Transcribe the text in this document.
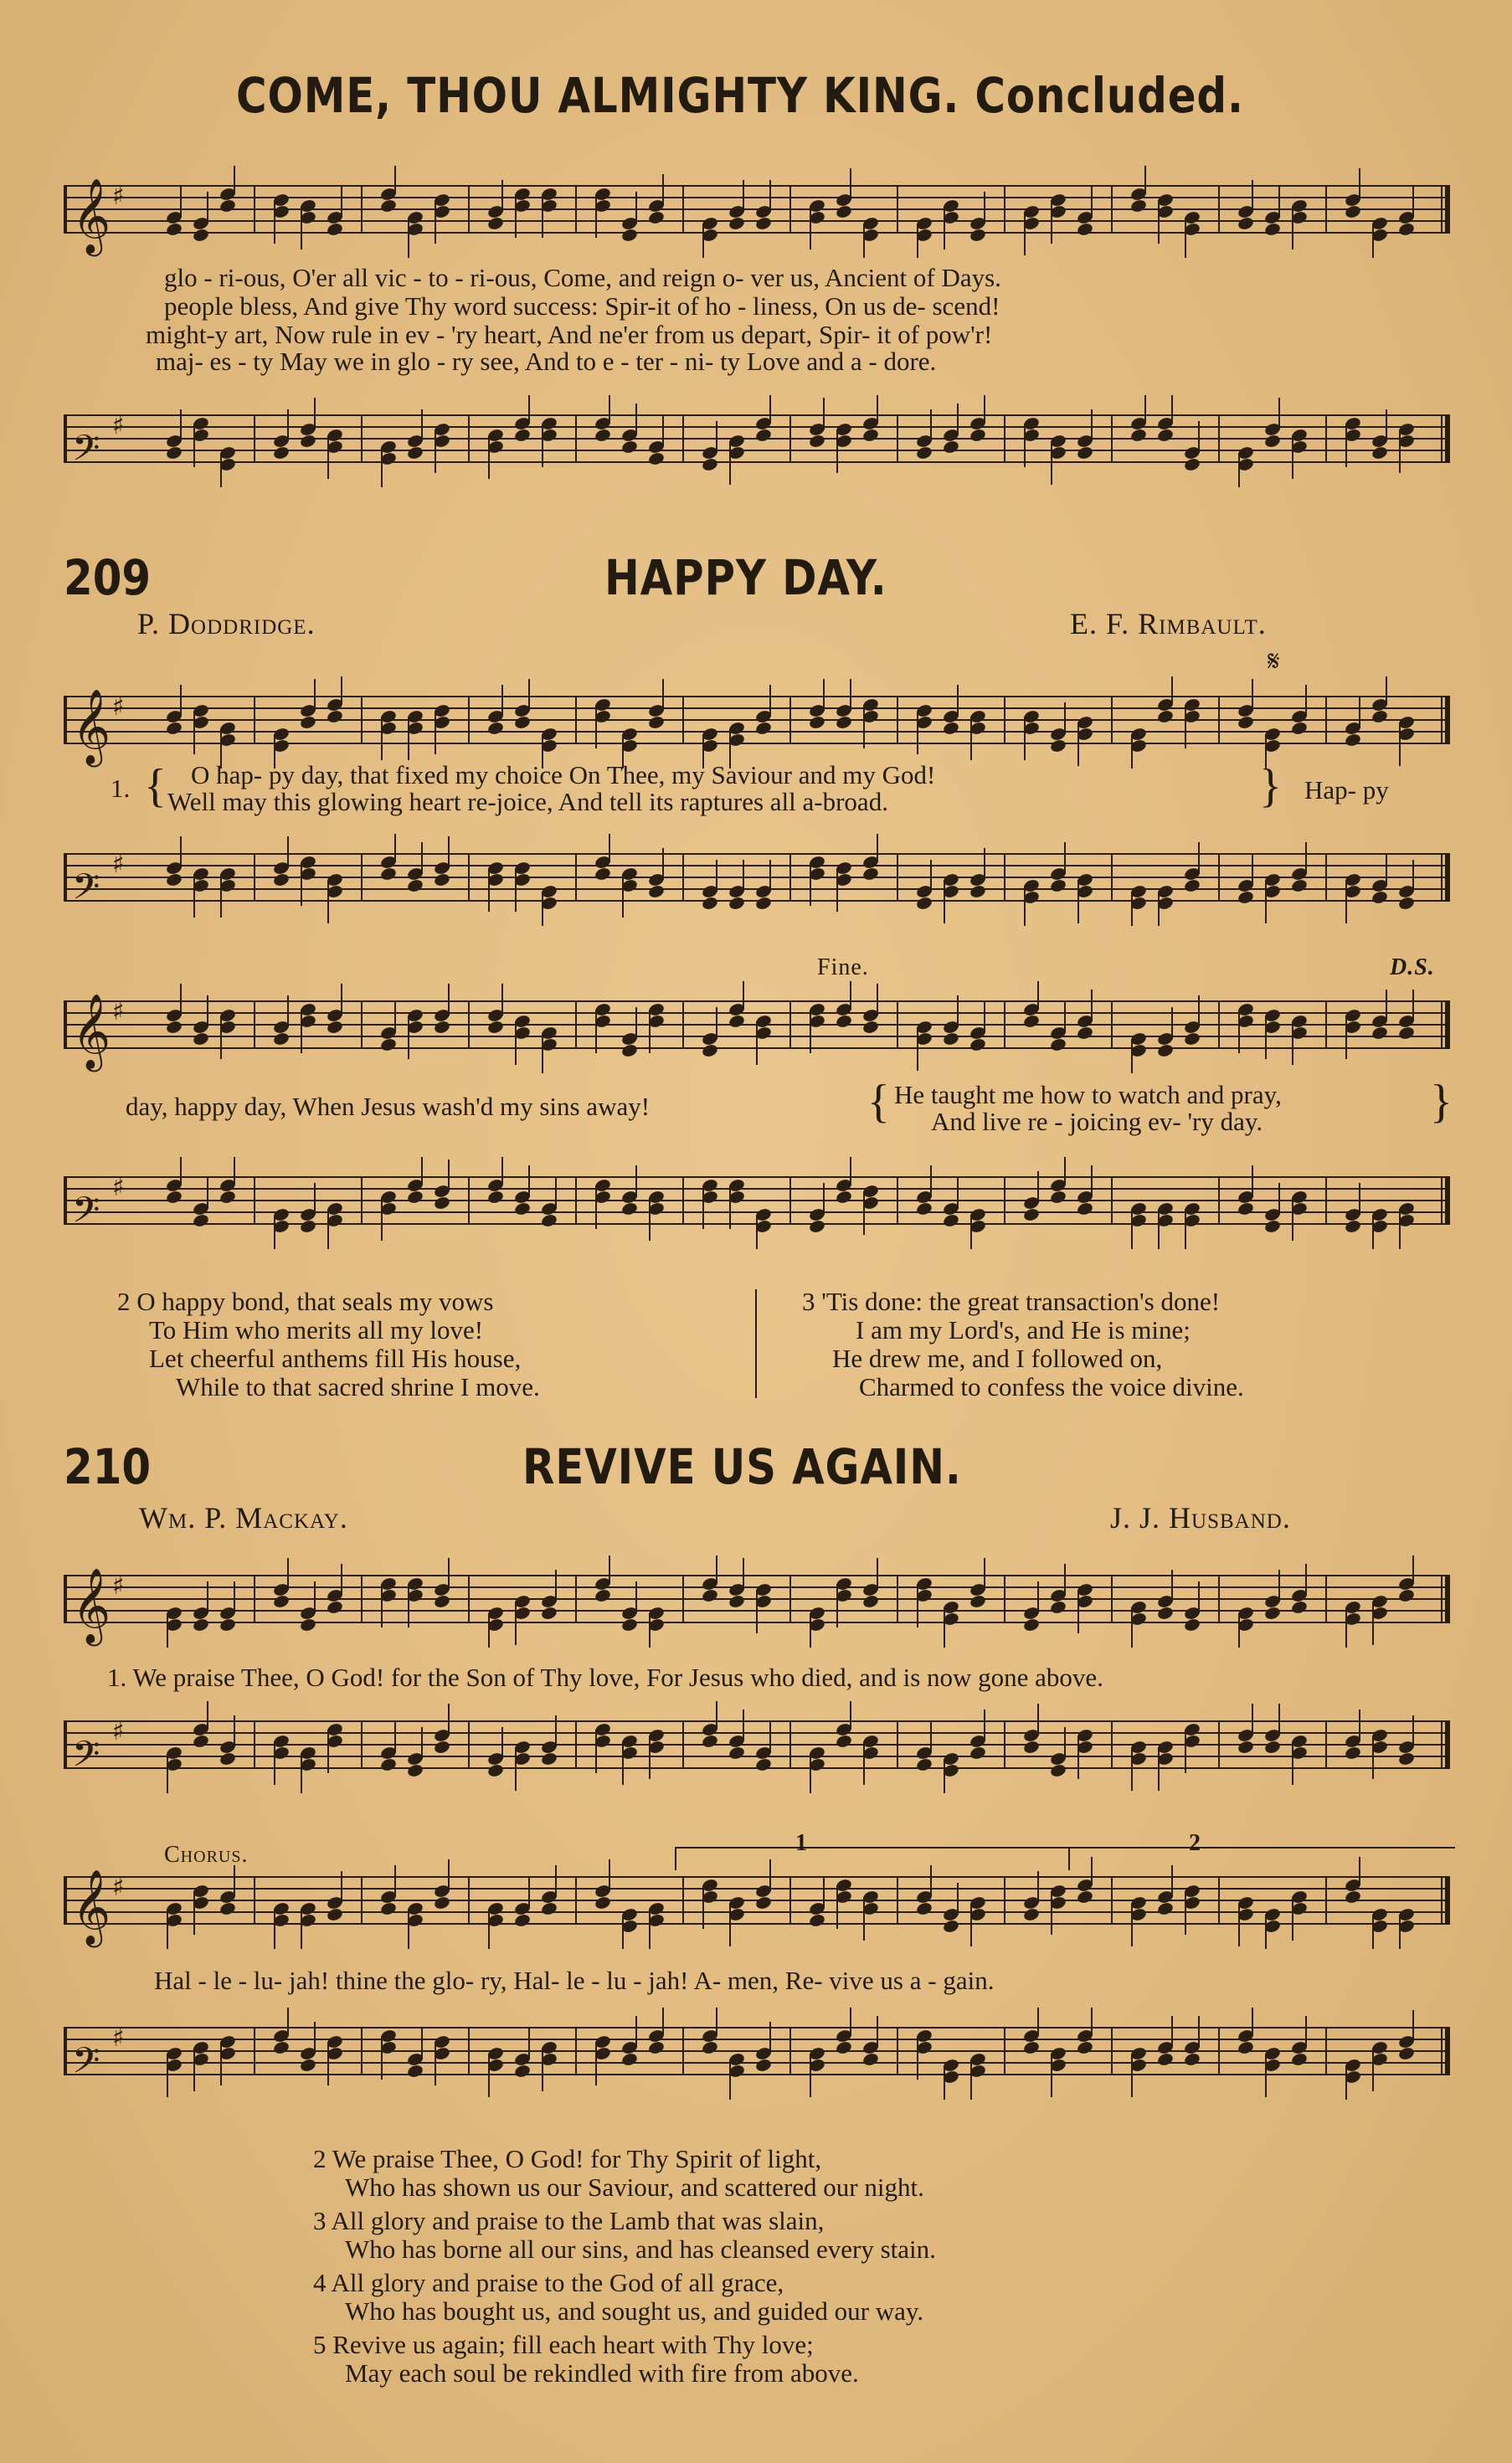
COME, THOU ALMIGHTY KING. Concluded.
𝄞 ♯
glo - ri-ous, O'er all vic - to - ri-ous, Come, and reign o- ver us, Ancient of Days.
people bless, And give Thy word success: Spir-it of ho - liness, On us de- scend!
might-y art, Now rule in ev - 'ry heart, And ne'er from us depart, Spir- it of pow'r!
maj- es - ty May we in glo - ry see, And to e - ter - ni- ty Love and a - dore.
𝄢
♯
209	HAPPY DAY.
P. Doddridge.	E. F. Rimbault.
𝄋
𝄞 ♯
1. { O hap- py day, that fixed my choice On Thee, my Saviour and my God!
Well may this glowing heart re-joice, And tell its raptures all a-broad.	} Hap- py
𝄢
♯
Fine.	D.S.
𝄞 ♯
day, happy day, When Jesus wash'd my sins away!	{ He taught me how to watch and pray,
And live re - joicing ev- 'ry day.	}
𝄢
♯
2 O happy bond, that seals my vows
To Him who merits all my love!
Let cheerful anthems fill His house,
While to that sacred shrine I move.
3 'Tis done: the great transaction's done!
I am my Lord's, and He is mine;
He drew me, and I followed on,
Charmed to confess the voice divine.
210	REVIVE US AGAIN.
Wm. P. Mackay.	J. J. Husband.
𝄞 ♯
1. We praise Thee, O God! for the Son of Thy love, For Jesus who died, and is now gone above.
𝄢
♯
Chorus.	1	2
𝄞 ♯
Hal - le - lu- jah! thine the glo- ry, Hal- le - lu - jah! A- men, Re- vive us a - gain.
𝄢
♯
2 We praise Thee, O God! for Thy Spirit of light,
Who has shown us our Saviour, and scattered our night.
3 All glory and praise to the Lamb that was slain,
Who has borne all our sins, and has cleansed every stain.
4 All glory and praise to the God of all grace,
Who has bought us, and sought us, and guided our way.
5 Revive us again; fill each heart with Thy love;
May each soul be rekindled with fire from above.
